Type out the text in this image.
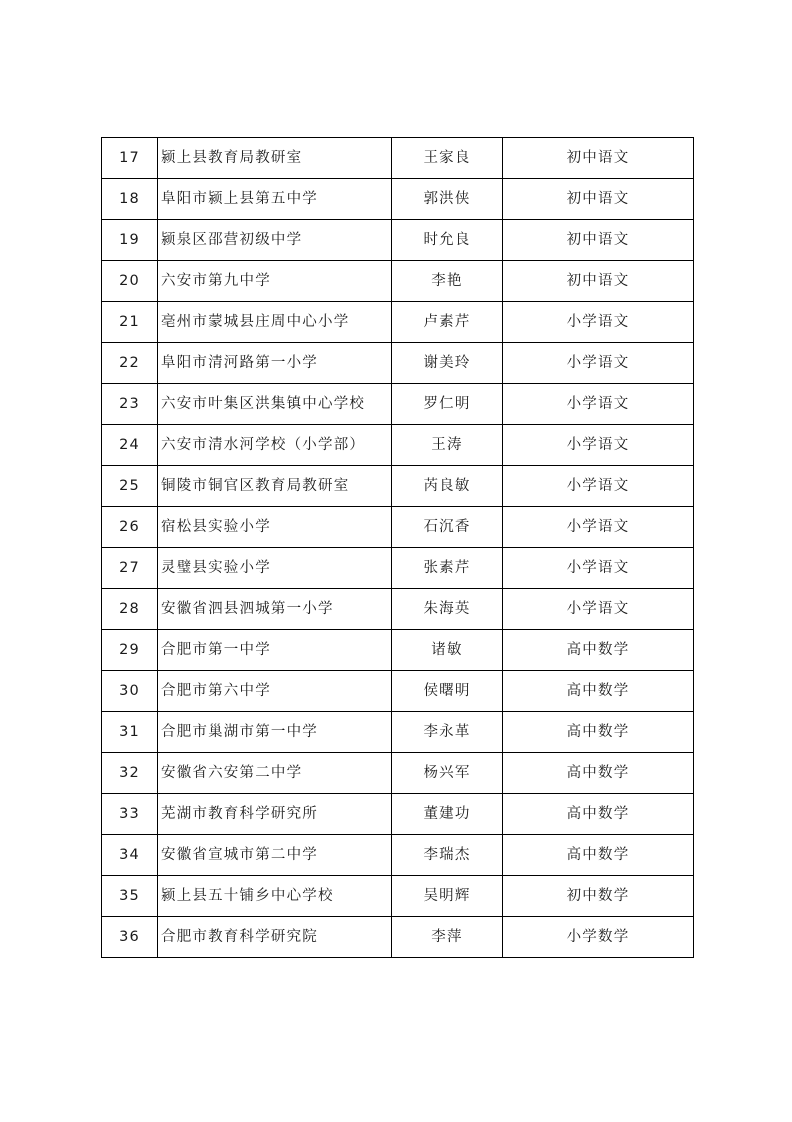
17	颍上县教育局教研室	王家良	初中语文
18	阜阳市颍上县第五中学	郭洪侠	初中语文
19	颍泉区邵营初级中学	时允良	初中语文
20	六安市第九中学	李艳	初中语文
21	亳州市蒙城县庄周中心小学	卢素芹	小学语文
22	阜阳市清河路第一小学	谢美玲	小学语文
23	六安市叶集区洪集镇中心学校	罗仁明	小学语文
24	六安市清水河学校（小学部）	王涛	小学语文
25	铜陵市铜官区教育局教研室	芮良敏	小学语文
26	宿松县实验小学	石沉香	小学语文
27	灵璧县实验小学	张素芹	小学语文
28	安徽省泗县泗城第一小学	朱海英	小学语文
29	合肥市第一中学	诸敏	高中数学
30	合肥市第六中学	侯曙明	高中数学
31	合肥市巢湖市第一中学	李永革	高中数学
32	安徽省六安第二中学	杨兴军	高中数学
33	芜湖市教育科学研究所	董建功	高中数学
34	安徽省宣城市第二中学	李瑞杰	高中数学
35	颍上县五十铺乡中心学校	吴明辉	初中数学
36	合肥市教育科学研究院	李萍	小学数学
